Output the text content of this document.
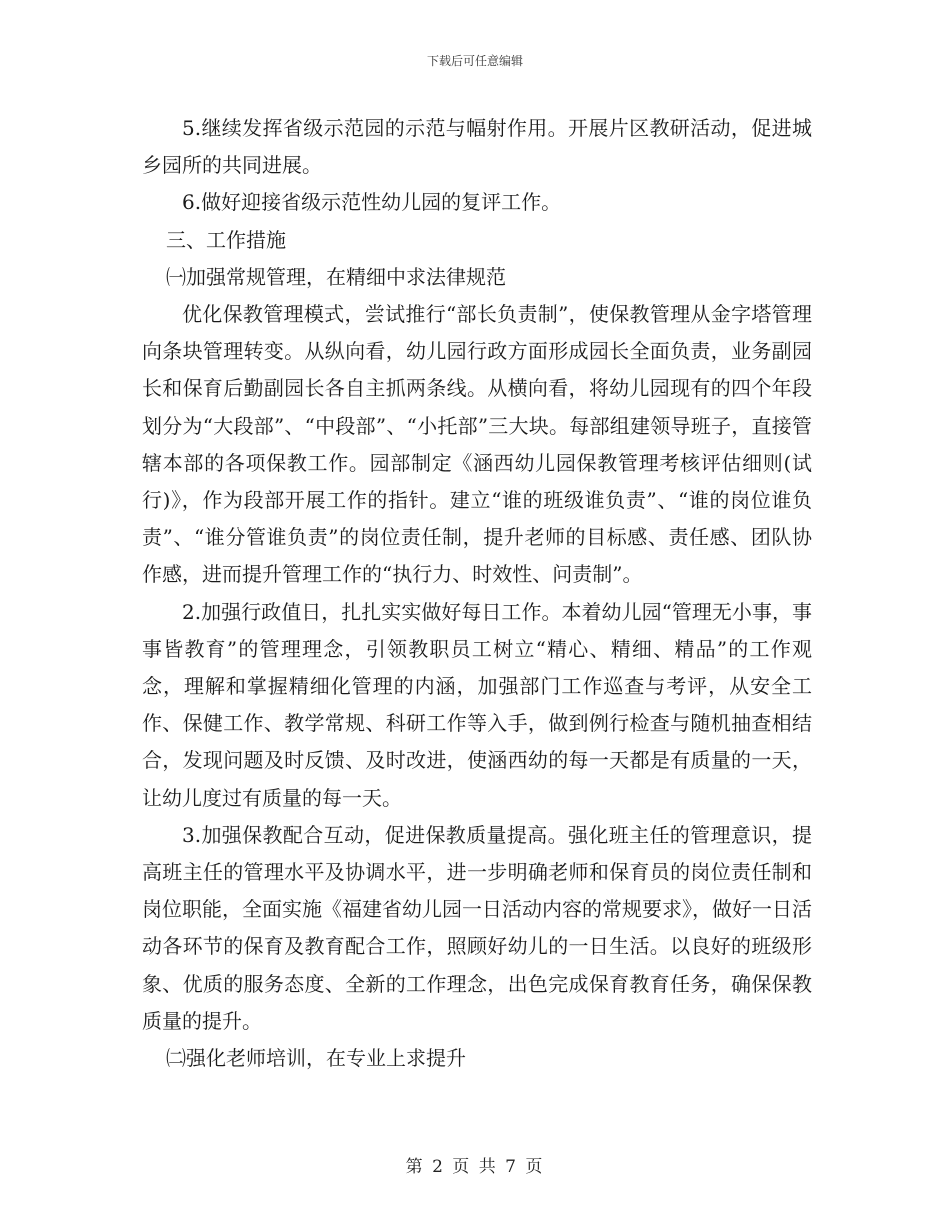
下载后可任意编辑

5.继续发挥省级示范园的示范与幅射作用。开展片区教研活动，促进城乡园所的共同进展。

6.做好迎接省级示范性幼儿园的复评工作。

三、工作措施

㈠加强常规管理，在精细中求法律规范

优化保教管理模式，尝试推行“部长负责制”，使保教管理从金字塔管理向条块管理转变。从纵向看，幼儿园行政方面形成园长全面负责，业务副园长和保育后勤副园长各自主抓两条线。从横向看，将幼儿园现有的四个年段划分为“大段部”、“中段部”、“小托部”三大块。每部组建领导班子，直接管辖本部的各项保教工作。园部制定《涵西幼儿园保教管理考核评估细则(试行)》，作为段部开展工作的指针。建立“谁的班级谁负责”、“谁的岗位谁负责”、“谁分管谁负责”的岗位责任制，提升老师的目标感、责任感、团队协作感，进而提升管理工作的“执行力、时效性、问责制”。

2.加强行政值日，扎扎实实做好每日工作。本着幼儿园“管理无小事，事事皆教育”的管理理念，引领教职员工树立“精心、精细、精品”的工作观念，理解和掌握精细化管理的内涵，加强部门工作巡查与考评，从安全工作、保健工作、教学常规、科研工作等入手，做到例行检查与随机抽查相结合，发现问题及时反馈、及时改进，使涵西幼的每一天都是有质量的一天，让幼儿度过有质量的每一天。

3.加强保教配合互动，促进保教质量提高。强化班主任的管理意识，提高班主任的管理水平及协调水平，进一步明确老师和保育员的岗位责任制和岗位职能，全面实施《福建省幼儿园一日活动内容的常规要求》，做好一日活动各环节的保育及教育配合工作，照顾好幼儿的一日生活。以良好的班级形象、优质的服务态度、全新的工作理念，出色完成保育教育任务，确保保教质量的提升。

㈡强化老师培训，在专业上求提升

第 2 页 共 7 页
